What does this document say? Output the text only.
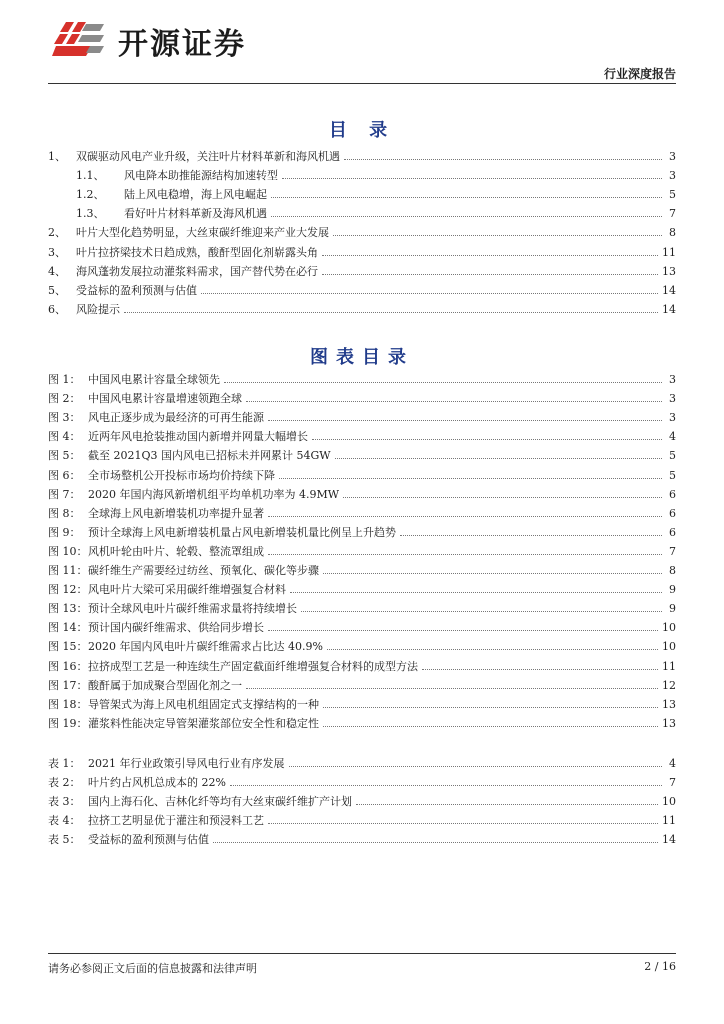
开源证券
行业深度报告
目 录
1、 双碳驱动风电产业升级，关注叶片材料革新和海风机遇	3
1.1、	风电降本助推能源结构加速转型	3
1.2、	陆上风电稳增，海上风电崛起	5
1.3、	看好叶片材料革新及海风机遇	7
2、 叶片大型化趋势明显，大丝束碳纤维迎来产业大发展	8
3、 叶片拉挤梁技术日趋成熟，酸酐型固化剂崭露头角	11
4、 海风蓬勃发展拉动灌浆料需求，国产替代势在必行	13
5、 受益标的盈利预测与估值	14
6、 风险提示	14
图表目录
图 1： 中国风电累计容量全球领先	3
图 2： 中国风电累计容量增速领跑全球	3
图 3： 风电正逐步成为最经济的可再生能源	3
图 4： 近两年风电抢装推动国内新增并网量大幅增长	4
图 5： 截至 2021Q3 国内风电已招标未并网累计 54GW	5
图 6： 全市场整机公开投标市场均价持续下降	5
图 7： 2020 年国内海风新增机组平均单机功率为 4.9MW	6
图 8： 全球海上风电新增装机功率提升显著	6
图 9： 预计全球海上风电新增装机量占风电新增装机量比例呈上升趋势	6
图 10： 风机叶轮由叶片、轮毂、整流罩组成	7
图 11： 碳纤维生产需要经过纺丝、预氧化、碳化等步骤	8
图 12： 风电叶片大梁可采用碳纤维增强复合材料	9
图 13： 预计全球风电叶片碳纤维需求量将持续增长	9
图 14： 预计国内碳纤维需求、供给同步增长	10
图 15： 2020 年国内风电叶片碳纤维需求占比达 40.9%	10
图 16： 拉挤成型工艺是一种连续生产固定截面纤维增强复合材料的成型方法	11
图 17： 酸酐属于加成聚合型固化剂之一	12
图 18： 导管架式为海上风电机组固定式支撑结构的一种	13
图 19： 灌浆料性能决定导管架灌浆部位安全性和稳定性	13
表 1： 2021 年行业政策引导风电行业有序发展	4
表 2： 叶片约占风机总成本的 22%	7
表 3： 国内上海石化、吉林化纤等均有大丝束碳纤维扩产计划	10
表 4： 拉挤工艺明显优于灌注和预浸料工艺	11
表 5： 受益标的盈利预测与估值	14
请务必参阅正文后面的信息披露和法律声明	2 / 16
